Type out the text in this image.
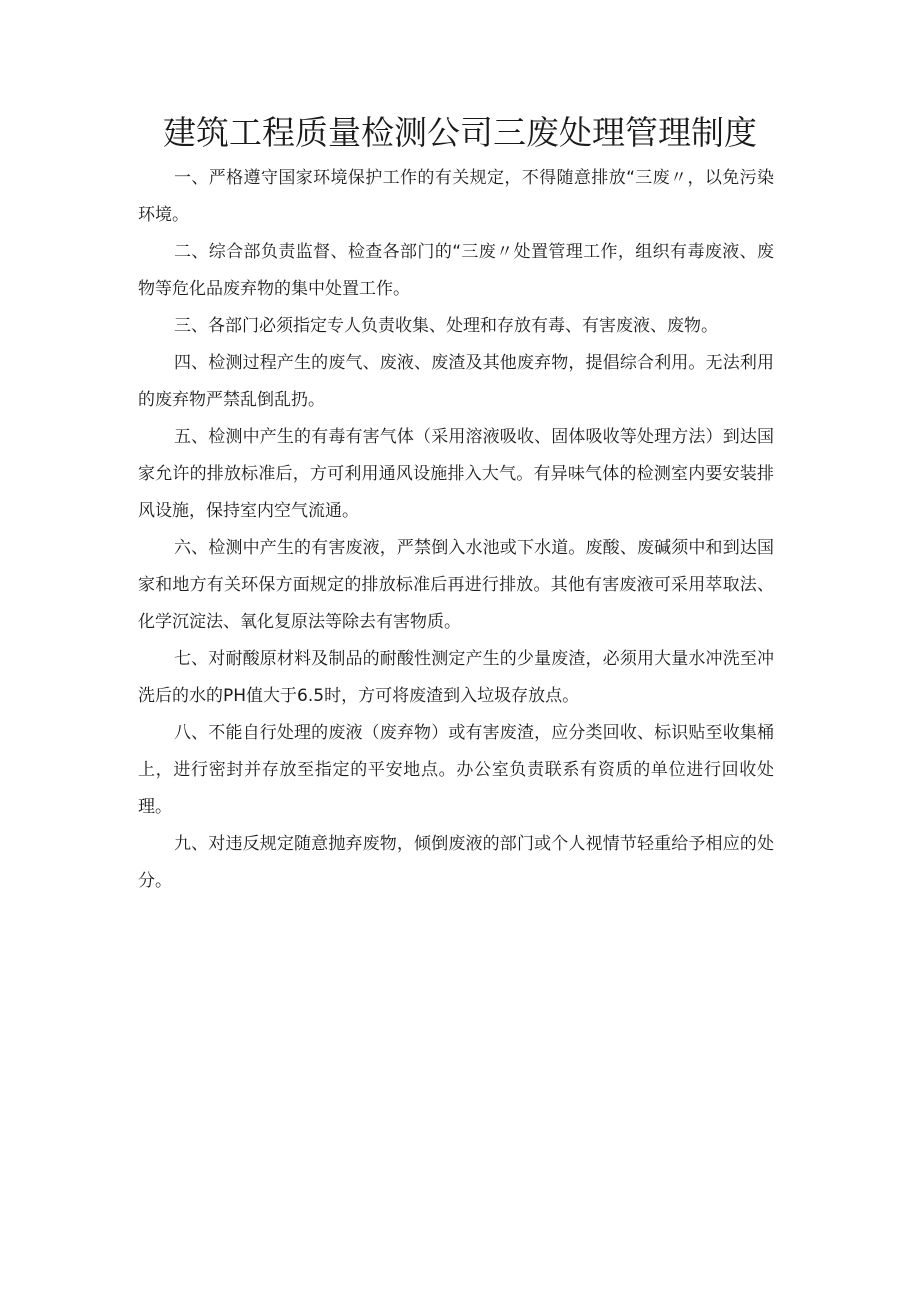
建筑工程质量检测公司三废处理管理制度

一、严格遵守国家环境保护工作的有关规定，不得随意排放“三废〃，以免污染环境。

二、综合部负责监督、检查各部门的“三废〃处置管理工作，组织有毒废液、废物等危化品废弃物的集中处置工作。

三、各部门必须指定专人负责收集、处理和存放有毒、有害废液、废物。

四、检测过程产生的废气、废液、废渣及其他废弃物，提倡综合利用。无法利用的废弃物严禁乱倒乱扔。

五、检测中产生的有毒有害气体（采用溶液吸收、固体吸收等处理方法）到达国家允许的排放标准后，方可利用通风设施排入大气。有异味气体的检测室内要安装排风设施，保持室内空气流通。

六、检测中产生的有害废液，严禁倒入水池或下水道。废酸、废碱须中和到达国家和地方有关环保方面规定的排放标准后再进行排放。其他有害废液可采用萃取法、化学沉淀法、氧化复原法等除去有害物质。

七、对耐酸原材料及制品的耐酸性测定产生的少量废渣，必须用大量水冲洗至冲洗后的水的PH值大于6.5时，方可将废渣到入垃圾存放点。

八、不能自行处理的废液（废弃物）或有害废渣，应分类回收、标识贴至收集桶上，进行密封并存放至指定的平安地点。办公室负责联系有资质的单位进行回收处理。

九、对违反规定随意抛弃废物，倾倒废液的部门或个人视情节轻重给予相应的处分。
